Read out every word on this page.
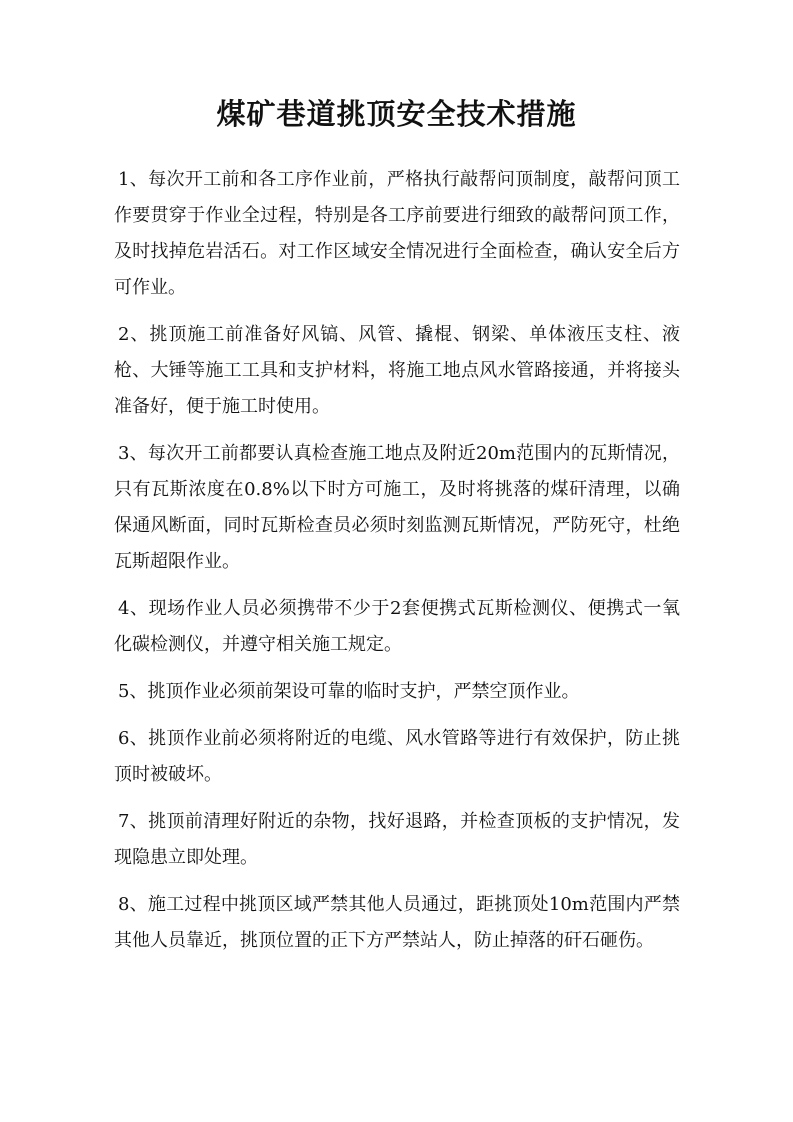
煤矿巷道挑顶安全技术措施

1、每次开工前和各工序作业前，严格执行敲帮问顶制度，敲帮问顶工作要贯穿于作业全过程，特别是各工序前要进行细致的敲帮问顶工作，及时找掉危岩活石。对工作区域安全情况进行全面检查，确认安全后方可作业。

2、挑顶施工前准备好风镐、风管、撬棍、钢梁、单体液压支柱、液枪、大锤等施工工具和支护材料，将施工地点风水管路接通，并将接头准备好，便于施工时使用。

3、每次开工前都要认真检查施工地点及附近20m范围内的瓦斯情况，只有瓦斯浓度在0.8%以下时方可施工，及时将挑落的煤矸清理，以确保通风断面，同时瓦斯检查员必须时刻监测瓦斯情况，严防死守，杜绝瓦斯超限作业。

4、现场作业人员必须携带不少于2套便携式瓦斯检测仪、便携式一氧化碳检测仪，并遵守相关施工规定。

5、挑顶作业必须前架设可靠的临时支护，严禁空顶作业。

6、挑顶作业前必须将附近的电缆、风水管路等进行有效保护，防止挑顶时被破坏。

7、挑顶前清理好附近的杂物，找好退路，并检查顶板的支护情况，发现隐患立即处理。

8、施工过程中挑顶区域严禁其他人员通过，距挑顶处10m范围内严禁其他人员靠近，挑顶位置的正下方严禁站人，防止掉落的矸石砸伤。
